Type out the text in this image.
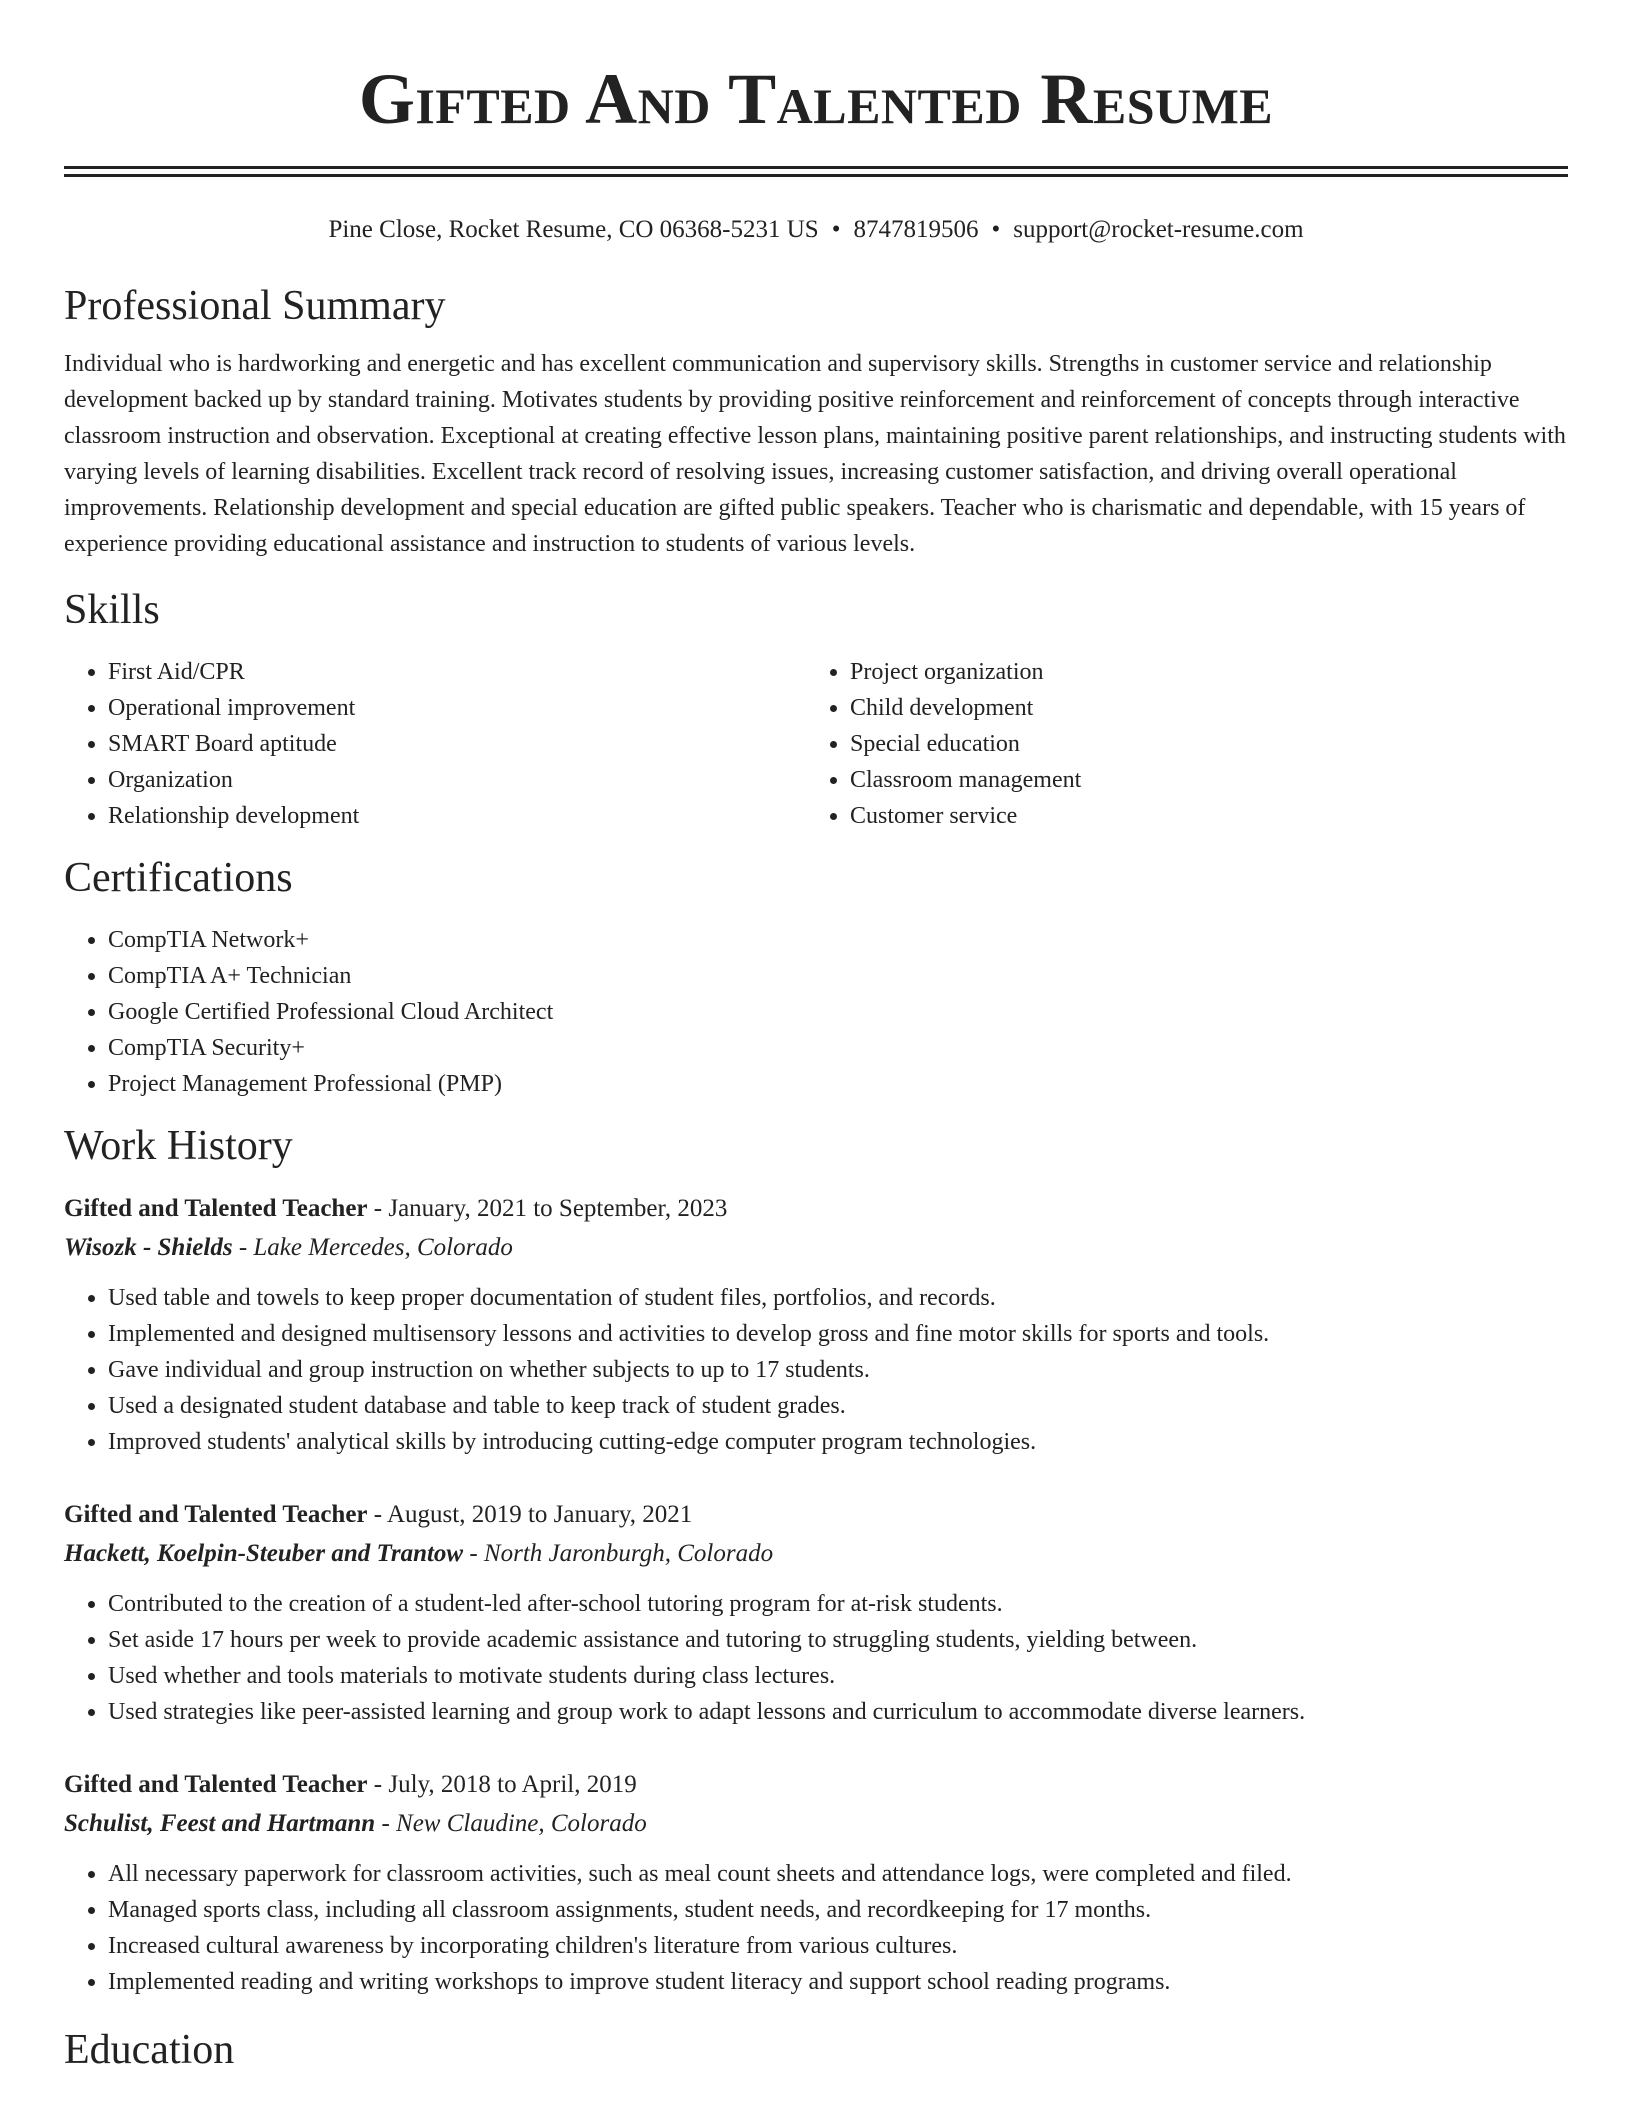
Gifted And Talented Resume
Pine Close, Rocket Resume, CO 06368-5231 US • 8747819506 • support@rocket-resume.com
Professional Summary

Individual who is hardworking and energetic and has excellent communication and supervisory skills. Strengths in customer service and relationship development backed up by standard training. Motivates students by providing positive reinforcement and reinforcement of concepts through interactive classroom instruction and observation. Exceptional at creating effective lesson plans, maintaining positive parent relationships, and instructing students with varying levels of learning disabilities. Excellent track record of resolving issues, increasing customer satisfaction, and driving overall operational improvements. Relationship development and special education are gifted public speakers. Teacher who is charismatic and dependable, with 15 years of experience providing educational assistance and instruction to students of various levels.

Skills
• First Aid/CPR
• Operational improvement
• SMART Board aptitude
• Organization
• Relationship development
• Project organization
• Child development
• Special education
• Classroom management
• Customer service
Certifications
• CompTIA Network+
• CompTIA A+ Technician
• Google Certified Professional Cloud Architect
• CompTIA Security+
• Project Management Professional (PMP)
Work History
Gifted and Talented Teacher - January, 2021 to September, 2023
Wisozk - Shields - Lake Mercedes, Colorado
• Used table and towels to keep proper documentation of student files, portfolios, and records.
• Implemented and designed multisensory lessons and activities to develop gross and fine motor skills for sports and tools.
• Gave individual and group instruction on whether subjects to up to 17 students.
• Used a designated student database and table to keep track of student grades.
• Improved students' analytical skills by introducing cutting-edge computer program technologies.
Gifted and Talented Teacher - August, 2019 to January, 2021
Hackett, Koelpin-Steuber and Trantow - North Jaronburgh, Colorado
• Contributed to the creation of a student-led after-school tutoring program for at-risk students.
• Set aside 17 hours per week to provide academic assistance and tutoring to struggling students, yielding between.
• Used whether and tools materials to motivate students during class lectures.
• Used strategies like peer-assisted learning and group work to adapt lessons and curriculum to accommodate diverse learners.
Gifted and Talented Teacher - July, 2018 to April, 2019
Schulist, Feest and Hartmann - New Claudine, Colorado
• All necessary paperwork for classroom activities, such as meal count sheets and attendance logs, were completed and filed.
• Managed sports class, including all classroom assignments, student needs, and recordkeeping for 17 months.
• Increased cultural awareness by incorporating children's literature from various cultures.
• Implemented reading and writing workshops to improve student literacy and support school reading programs.
Education
